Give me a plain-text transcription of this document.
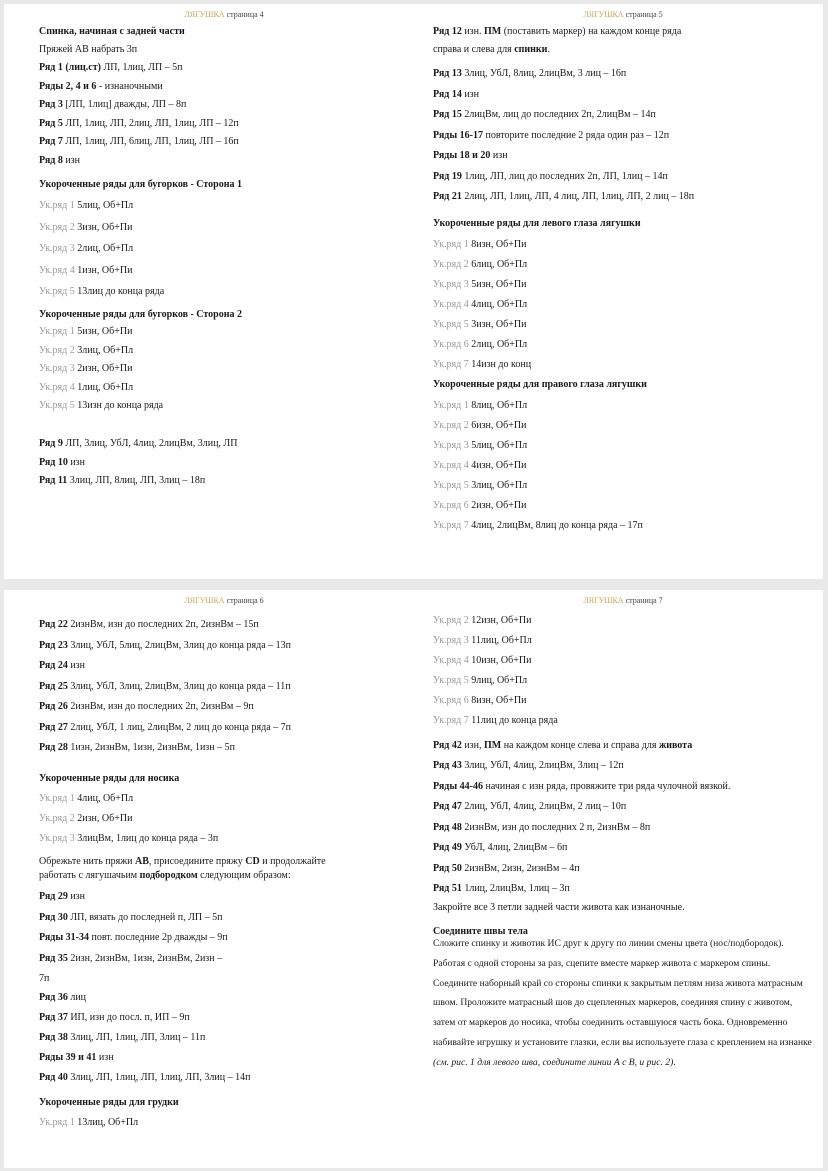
ЛЯГУШКА страница 4
Спинка, начиная с задней части
Пряжей АВ набрать 3п
Ряд 1 (лиц.ст) ЛП, 1лиц, ЛП – 5п
Ряды 2, 4 и 6 - изнаночными
Ряд 3 [ЛП, 1лиц] дважды, ЛП – 8п
Ряд 5 ЛП, 1лиц, ЛП, 2лиц, ЛП, 1лиц, ЛП – 12п
Ряд 7 ЛП, 1лиц, ЛП, 6лиц, ЛП, 1лиц, ЛП – 16п
Ряд 8 изн
Укороченные ряды для бугорков - Сторона 1
Ук.ряд 1 5лиц, Об+Пл
Ук.ряд 2 3изн, Об+Пи
Ук.ряд 3 2лиц, Об+Пл
Ук.ряд 4 1изн, Об+Пи
Ук.ряд 5 13лиц до конца ряда
Укороченные ряды для бугорков - Сторона 2
Ук.ряд 1 5изн, Об+Пи
Ук.ряд 2 3лиц, Об+Пл
Ук.ряд 3 2изн, Об+Пи
Ук.ряд 4 1лиц, Об+Пл
Ук.ряд 5 13изн до конца ряда
Ряд 9 ЛП, 3лиц, УбЛ, 4лиц, 2лицВм, 3лиц, ЛП
Ряд 10 изн
Ряд 11 3лиц, ЛП, 8лиц, ЛП, 3лиц – 18п
ЛЯГУШКА страница 5
Ряд 12 изн. ПМ (поставить маркер) на каждом конце ряда
справа и слева для спинки.
Ряд 13 3лиц, УбЛ, 8лиц, 2лицВм, 3 лиц – 16п
Ряд 14 изн
Ряд 15 2лицВм, лиц до последних 2п, 2лицВм – 14п
Ряды 16-17 повторите последние 2 ряда один раз – 12п
Ряды 18 и 20 изн
Ряд 19 1лиц, ЛП, лиц до последних 2п, ЛП, 1лиц – 14п
Ряд 21 2лиц, ЛП, 1лиц, ЛП, 4 лиц, ЛП, 1лиц, ЛП, 2 лиц – 18п
Укороченные ряды для левого глаза лягушки
Ук.ряд 1 8изн, Об+Пи
Ук.ряд 2 6лиц, Об+Пл
Ук.ряд 3 5изн, Об+Пи
Ук.ряд 4 4лиц, Об+Пл
Ук.ряд 5 3изн, Об+Пи
Ук.ряд 6 2лиц, Об+Пл
Ук.ряд 7 14изн до конц
Укороченные ряды для правого глаза лягушки
Ук.ряд 1 8лиц, Об+Пл
Ук.ряд 2 6изн, Об+Пи
Ук.ряд 3 5лиц, Об+Пл
Ук.ряд 4 4изн, Об+Пи
Ук.ряд 5 3лиц, Об+Пл
Ук.ряд 6 2изн, Об+Пи
Ук.ряд 7 4лиц, 2лицВм, 8лиц до конца ряда – 17п
ЛЯГУШКА страница 6
Ряд 22 2изнВм, изн до последних 2п, 2изнВм – 15п
Ряд 23 3лиц, УбЛ, 5лиц, 2лицВм, 3лиц до конца ряда – 13п
Ряд 24 изн
Ряд 25 3лиц, УбЛ, 3лиц, 2лицВм, 3лиц до конца ряда – 11п
Ряд 26 2изнВм, изн до последних 2п, 2изнВм – 9п
Ряд 27 2лиц, УбЛ, 1 лиц, 2лицВм, 2 лиц до конца ряда – 7п
Ряд 28 1изн, 2изнВм, 1изн, 2изнВм, 1изн – 5п
Укороченные ряды для носика
Ук.ряд 1 4лиц, Об+Пл
Ук.ряд 2 2изн, Об+Пи
Ук.ряд 3 3лицВм, 1лиц до конца ряда – 3п
Обрежьте нить пряжи AB, присоедините пряжу CD и продолжайте
работать с лягушачьим подбородком следующим образом:
Ряд 29 изн
Ряд 30 ЛП, вязать до последней п, ЛП – 5п
Ряды 31-34 повт. последние 2р дважды – 9п
Ряд 35 2изн, 2изнВм, 1изн, 2изнВм, 2изн –
7п
Ряд 36 лиц
Ряд 37 ИП, изн до посл. п, ИП – 9п
Ряд 38 3лиц, ЛП, 1лиц, ЛП, 3лиц – 11п
Ряды 39 и 41 изн
Ряд 40 3лиц, ЛП, 1лиц, ЛП, 1лиц, ЛП, 3лиц – 14п
Укороченные ряды для грудки
Ук.ряд 1 13лиц, Об+Пл
ЛЯГУШКА страница 7
Ук.ряд 2 12изн, Об+Пи
Ук.ряд 3 11лиц, Об+Пл
Ук.ряд 4 10изн, Об+Пи
Ук.ряд 5 9лиц, Об+Пл
Ук.ряд 6 8изн, Об+Пи
Ук.ряд 7 11лиц до конца ряда
Ряд 42 изн, ПМ на каждом конце слева и справа для живота
Ряд 43 3лиц, УбЛ, 4лиц, 2лицВм, 3лиц – 12п
Ряды 44-46 начиная с изн ряда, провяжите три ряда чулочной вязкой.
Ряд 47 2лиц, УбЛ, 4лиц, 2лицВм, 2 лиц – 10п
Ряд 48 2изнВм, изн до последних 2 п, 2изнВм – 8п
Ряд 49 УбЛ, 4лиц, 2лицВм – 6п
Ряд 50 2изнВм, 2изн, 2изнВм – 4п
Ряд 51 1лиц, 2лицВм, 1лиц – 3п
Закройте все 3 петли задней части живота как изнаночные.
Соедините швы тела
Сложите спинку и животик ИС друг к другу по линии смены цвета (нос/подбородок). Работая с одной стороны за раз, сцепите вместе маркер живота с маркером спины. Соедините наборный край со стороны спинки к закрытым петлям низа живота матрасным швом. Проложите матрасный шов до сцепленных маркеров, соединяя спину с животом, затем от маркеров до носика, чтобы соединить оставшуюся часть бока. Одновременно набивайте игрушку и установите глазки, если вы используете глаза с креплением на изнанке (см. рис. 1 для левого шва, соедините линии А с В, и рис. 2).
